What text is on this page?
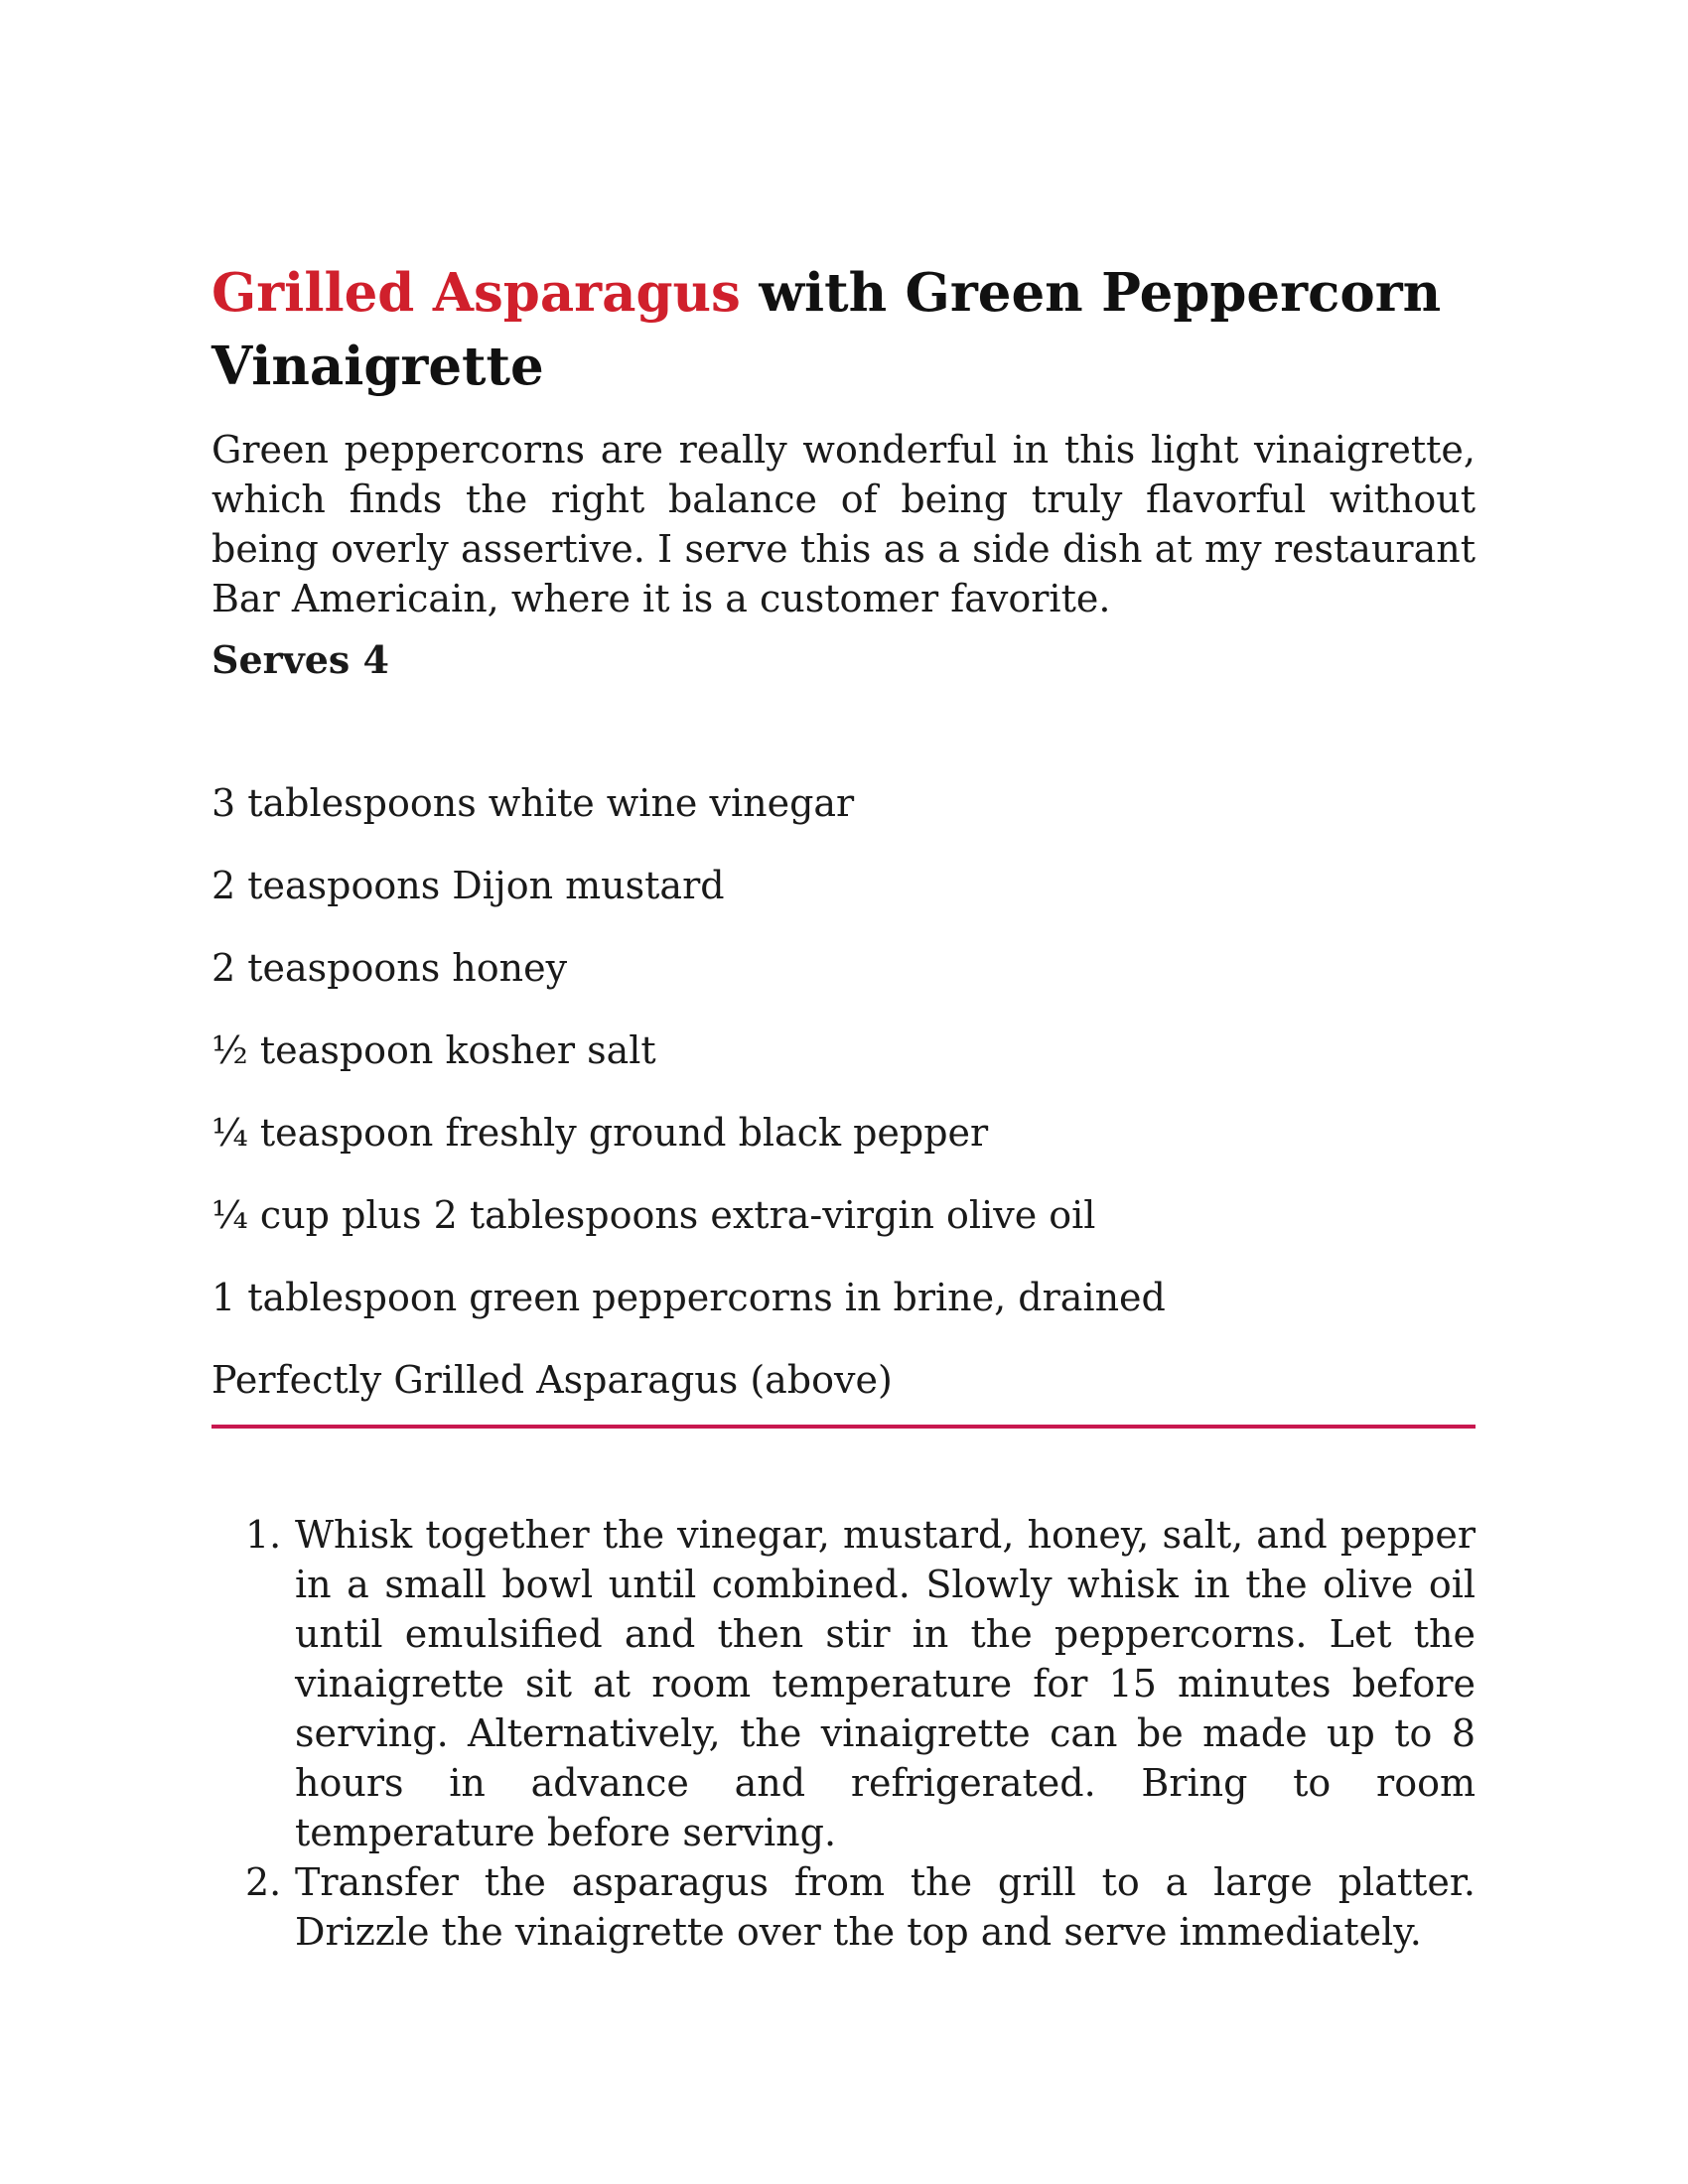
Grilled Asparagus with Green Peppercorn Vinaigrette

Green peppercorns are really wonderful in this light vinaigrette, which finds the right balance of being truly flavorful without being overly assertive. I serve this as a side dish at my restaurant Bar Americain, where it is a customer favorite.

Serves 4

3 tablespoons white wine vinegar
2 teaspoons Dijon mustard
2 teaspoons honey
½ teaspoon kosher salt
¼ teaspoon freshly ground black pepper
¼ cup plus 2 tablespoons extra-virgin olive oil
1 tablespoon green peppercorns in brine, drained
Perfectly Grilled Asparagus (above)
1. Whisk together the vinegar, mustard, honey, salt, and pepper in a small bowl until combined. Slowly whisk in the olive oil until emulsified and then stir in the peppercorns. Let the vinaigrette sit at room temperature for 15 minutes before serving. Alternatively, the vinaigrette can be made up to 8 hours in advance and refrigerated. Bring to room temperature before serving.
2. Transfer the asparagus from the grill to a large platter. Drizzle the vinaigrette over the top and serve immediately.
